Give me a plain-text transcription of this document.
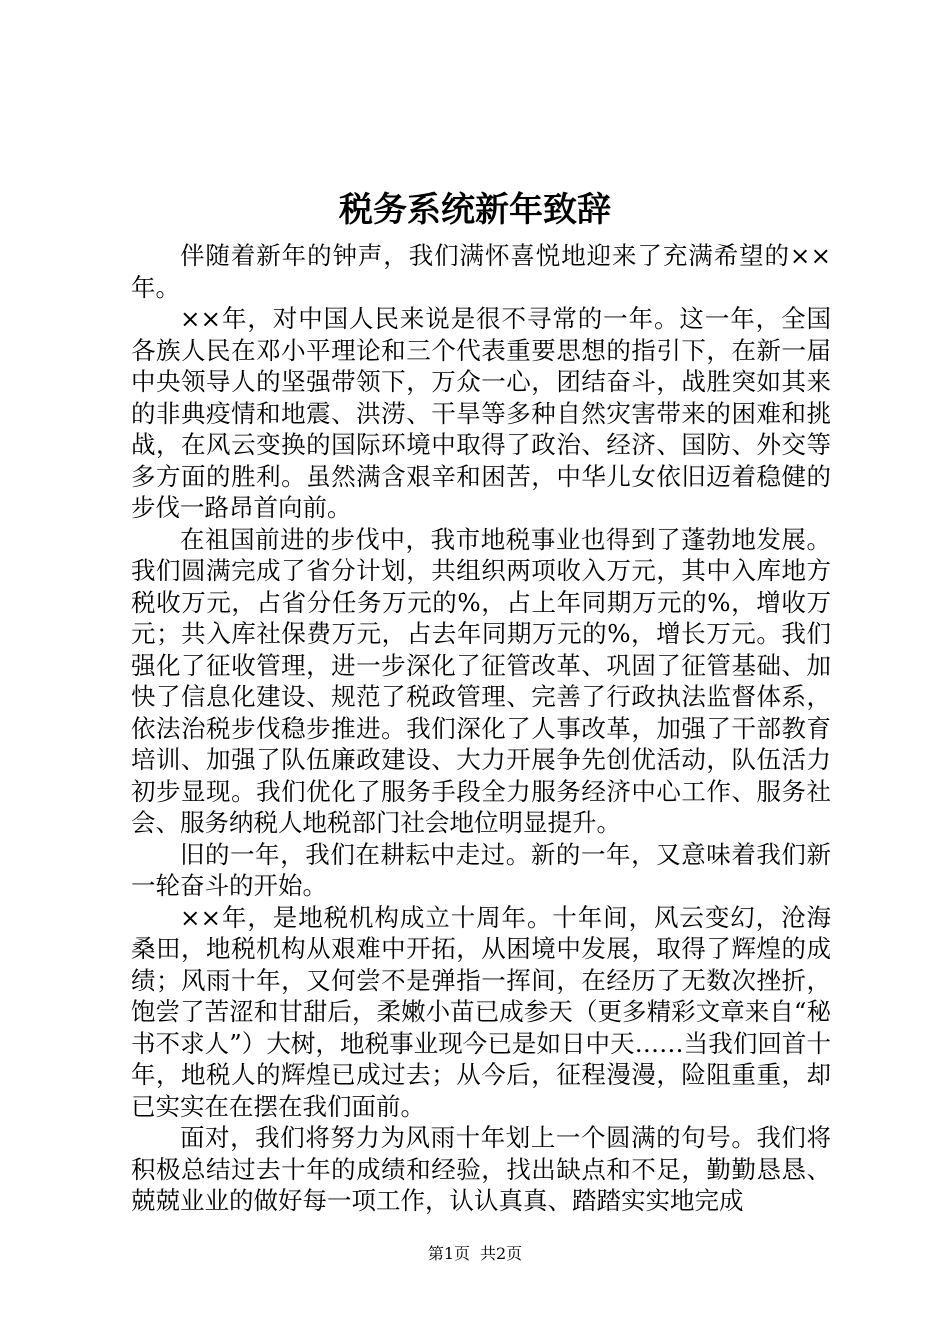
税务系统新年致辞

伴随着新年的钟声，我们满怀喜悦地迎来了充满希望的××年。

××年，对中国人民来说是很不寻常的一年。这一年，全国各族人民在邓小平理论和三个代表重要思想的指引下，在新一届中央领导人的坚强带领下，万众一心，团结奋斗，战胜突如其来的非典疫情和地震、洪涝、干旱等多种自然灾害带来的困难和挑战，在风云变换的国际环境中取得了政治、经济、国防、外交等多方面的胜利。虽然满含艰辛和困苦，中华儿女依旧迈着稳健的步伐一路昂首向前。

在祖国前进的步伐中，我市地税事业也得到了蓬勃地发展。我们圆满完成了省分计划，共组织两项收入万元，其中入库地方税收万元，占省分任务万元的%，占上年同期万元的%，增收万元；共入库社保费万元，占去年同期万元的%，增长万元。我们强化了征收管理，进一步深化了征管改革、巩固了征管基础、加快了信息化建设、规范了税政管理、完善了行政执法监督体系，依法治税步伐稳步推进。我们深化了人事改革，加强了干部教育培训、加强了队伍廉政建设、大力开展争先创优活动，队伍活力初步显现。我们优化了服务手段全力服务经济中心工作、服务社会、服务纳税人地税部门社会地位明显提升。

旧的一年，我们在耕耘中走过。新的一年，又意味着我们新一轮奋斗的开始。

××年，是地税机构成立十周年。十年间，风云变幻，沧海桑田，地税机构从艰难中开拓，从困境中发展，取得了辉煌的成绩；风雨十年，又何尝不是弹指一挥间，在经历了无数次挫折，饱尝了苦涩和甘甜后，柔嫩小苗已成参天（更多精彩文章来自“秘书不求人”）大树，地税事业现今已是如日中天……当我们回首十年，地税人的辉煌已成过去；从今后，征程漫漫，险阻重重，却已实实在在摆在我们面前。

面对，我们将努力为风雨十年划上一个圆满的句号。我们将积极总结过去十年的成绩和经验，找出缺点和不足，勤勤恳恳、兢兢业业的做好每一项工作，认认真真、踏踏实实地完成

第1页 共2页
